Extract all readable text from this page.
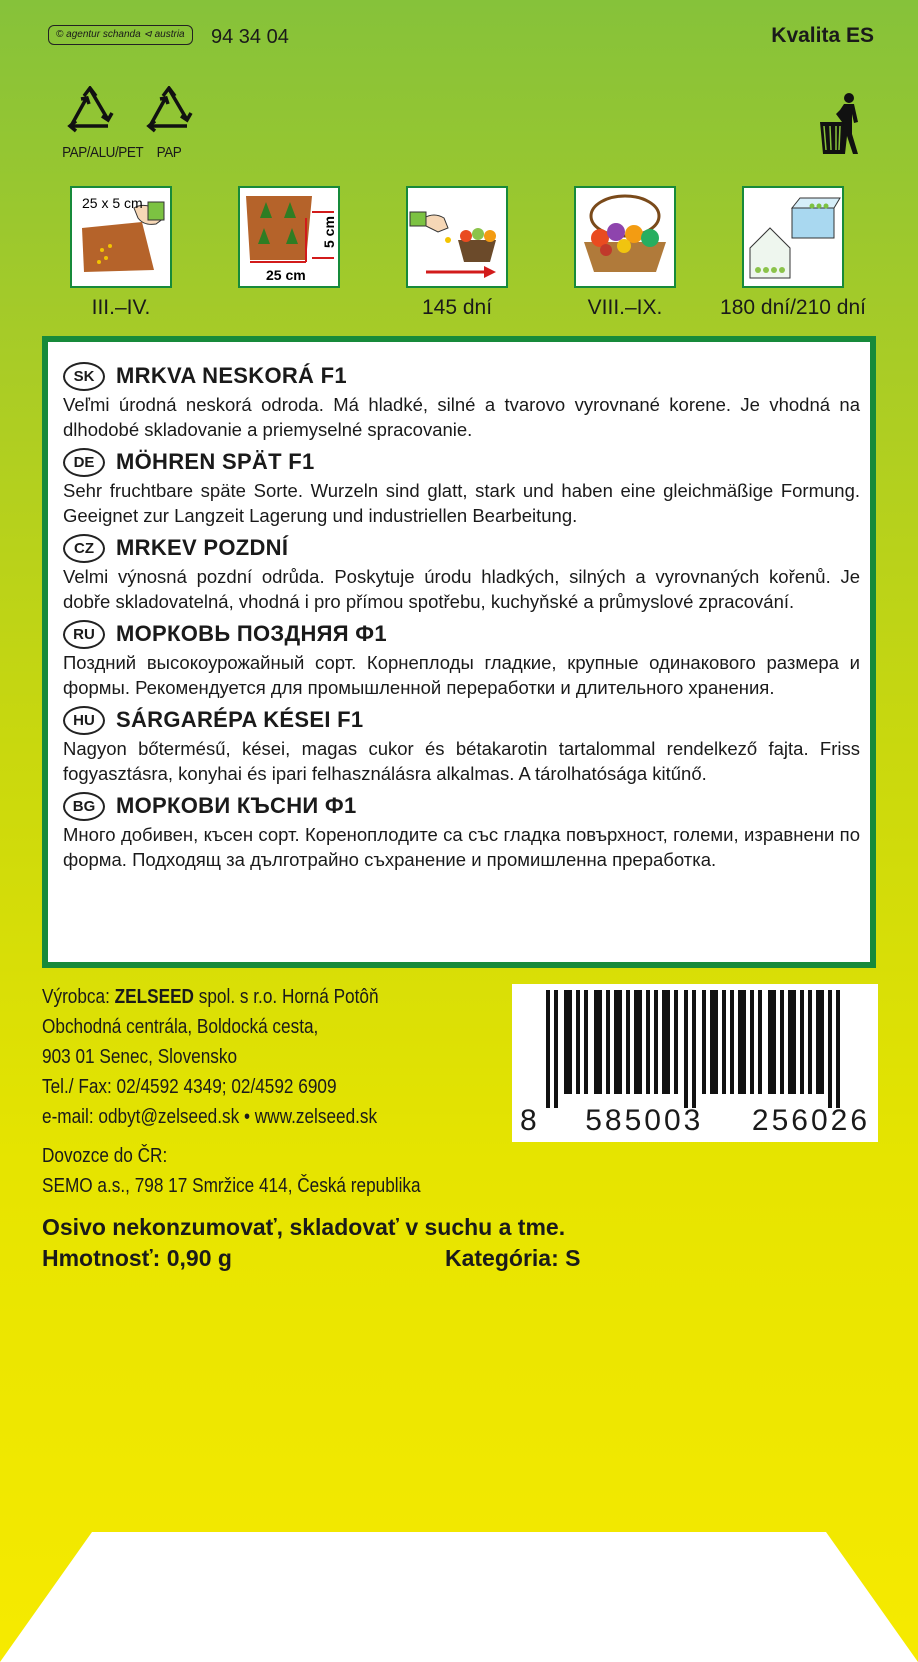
© agentur schanda ⊲ austria	94 34 04	Kvalita ES
PAP/ALU/PET PAP
25 x 5 cm
5 cm
25 cm
III.–IV.	145 dní	VIII.–IX.	180 dní/210 dní
SK MRKVA NESKORÁ F1
Veľmi úrodná neskorá odroda. Má hladké, silné a tvarovo vyrovnané korene. Je vhodná na dlhodobé skladovanie a priemyselné spracovanie.
DE MÖHREN SPÄT F1
Sehr fruchtbare späte Sorte. Wurzeln sind glatt, stark und haben eine gleichmäßige Formung. Geeignet zur Langzeit Lagerung und industriellen Bearbeitung.
CZ	MRKEV POZDNÍ
Velmi výnosná pozdní odrůda. Poskytuje úrodu hladkých, silných a vyrovnaných kořenů. Je dobře skladovatelná, vhodná i pro přímou spotřebu, kuchyňské a průmyslové zpracování.
RU МОРКОВЬ ПОЗДНЯЯ Ф1
Поздний высокоурожайный сорт. Корнеплоды гладкие, крупные одинакового размера и формы. Рекомендуется для промышленной переработки и длительного хранения.
HU SÁRGARÉPA KÉSEI F1
Nagyon bőtermésű, kései, magas cukor és bétakarotin tartalommal rendelkező fajta. Friss fogyasztásra, konyhai és ipari felhasználásra alkalmas. A tárolhatósága kitűnő.
BG МОРКОВИ КЪСНИ Ф1
Много добивен, късен сорт. Кореноплодите са със гладка повърхност, големи, изравнени по форма. Подходящ за дълготрайно съхранение и промишленна преработка.
Výrobca: ZELSEED spol. s r.o. Horná Potôň
Obchodná centrála, Boldocká cesta,
903 01 Senec, Slovensko
Tel./ Fax: 02/4592 4349; 02/4592 6909
e-mail: odbyt@zelseed.sk • www.zelseed.sk
Dovozce do ČR:
SEMO a.s., 798 17 Smržice 414, Česká republika
8 585003 256026
Osivo nekonzumovať, skladovať v suchu a tme.
Hmotnosť: 0,90 g	Kategória: S
